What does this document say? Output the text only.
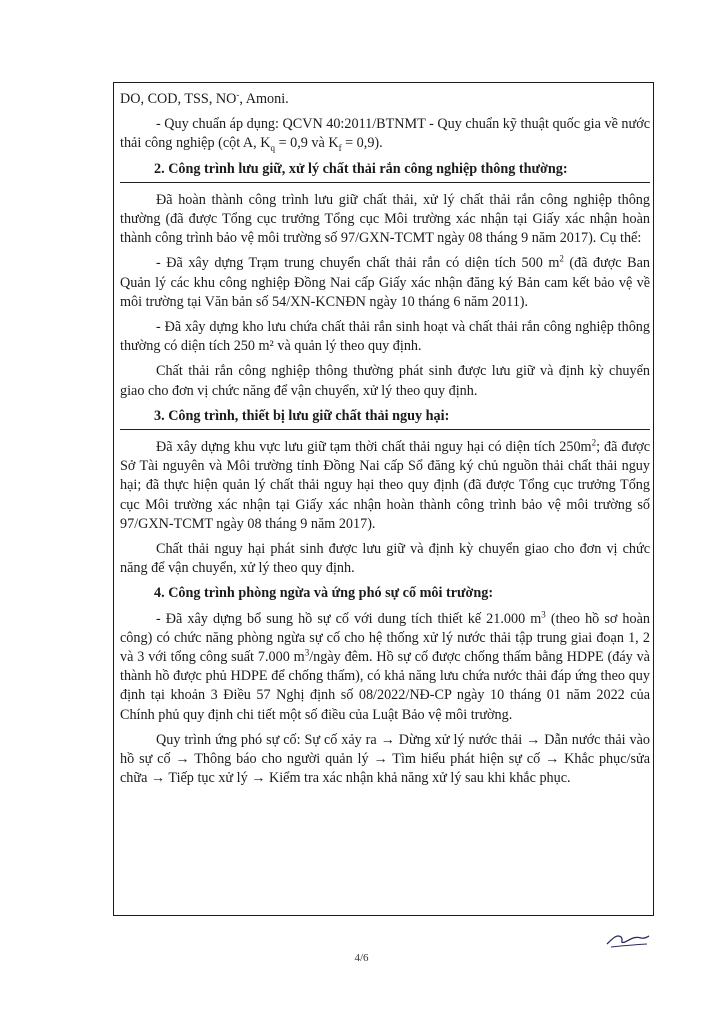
DO, COD, TSS, $NO_-$, Amoni.

- Quy chuẩn áp dụng: QCVN 40:2011/BTNMT - Quy chuẩn kỹ thuật quốc gia về nước thải công nghiệp (cột A, $K_q = 0,9$ và $K_f = 0,9$).

2. Công trình lưu giữ, xử lý chất thải rắn công nghiệp thông thường:

Đã hoàn thành công trình lưu giữ chất thải, xử lý chất thải rắn công nghiệp thông thường (đã được Tổng cục trưởng Tổng cục Môi trường xác nhận tại Giấy xác nhận hoàn thành công trình bảo vệ môi trường số 97/GXN-TCMT ngày 08 tháng 9 năm 2017). Cụ thể:

- Đã xây dựng Trạm trung chuyển chất thải rắn có diện tích 500 $m^2$ (đã được Ban Quản lý các khu công nghiệp Đồng Nai cấp Giấy xác nhận đăng ký Bản cam kết bảo vệ về môi trường tại Văn bản số 54/XN-KCNĐN ngày 10 tháng 6 năm 2011).

- Đã xây dựng kho lưu chứa chất thải rắn sinh hoạt và chất thải rắn công nghiệp thông thường có diện tích 250 m² và quản lý theo quy định.

Chất thải rắn công nghiệp thông thường phát sinh được lưu giữ và định kỳ chuyển giao cho đơn vị chức năng để vận chuyển, xử lý theo quy định.

3. Công trình, thiết bị lưu giữ chất thải nguy hại:

Đã xây dựng khu vực lưu giữ tạm thời chất thải nguy hại có diện tích $250m^2$; đã được Sở Tài nguyên và Môi trường tỉnh Đồng Nai cấp Sổ đăng ký chủ nguồn thải chất thải nguy hại; đã thực hiện quản lý chất thải nguy hại theo quy định (đã được Tổng cục trưởng Tổng cục Môi trường xác nhận tại Giấy xác nhận hoàn thành công trình bảo vệ môi trường số 97/GXN-TCMT ngày 08 tháng 9 năm 2017).

Chất thải nguy hại phát sinh được lưu giữ và định kỳ chuyển giao cho đơn vị chức năng để vận chuyển, xử lý theo quy định.

4. Công trình phòng ngừa và ứng phó sự cố môi trường:

- Đã xây dựng bổ sung hồ sự cố với dung tích thiết kế 21.000 $m^3$ (theo hồ sơ hoàn công) có chức năng phòng ngừa sự cố cho hệ thống xử lý nước thải tập trung giai đoạn 1, 2 và 3 với tổng công suất 7.000 $m^3$/ngày đêm. Hồ sự cố được chống thấm bằng HDPE (đáy và thành hồ được phủ HDPE để chống thấm), có khả năng lưu chứa nước thải đáp ứng theo quy định tại khoản 3 Điều 57 Nghị định số 08/2022/NĐ-CP ngày 10 tháng 01 năm 2022 của Chính phủ quy định chi tiết một số điều của Luật Bảo vệ môi trường.

Quy trình ứng phó sự cố: Sự cố xảy ra → Dừng xử lý nước thải → Dẫn nước thải vào hồ sự cố → Thông báo cho người quản lý → Tìm hiểu phát hiện sự cố → Khắc phục/sửa chữa → Tiếp tục xử lý → Kiểm tra xác nhận khả năng xử lý sau khi khắc phục.

4/6
